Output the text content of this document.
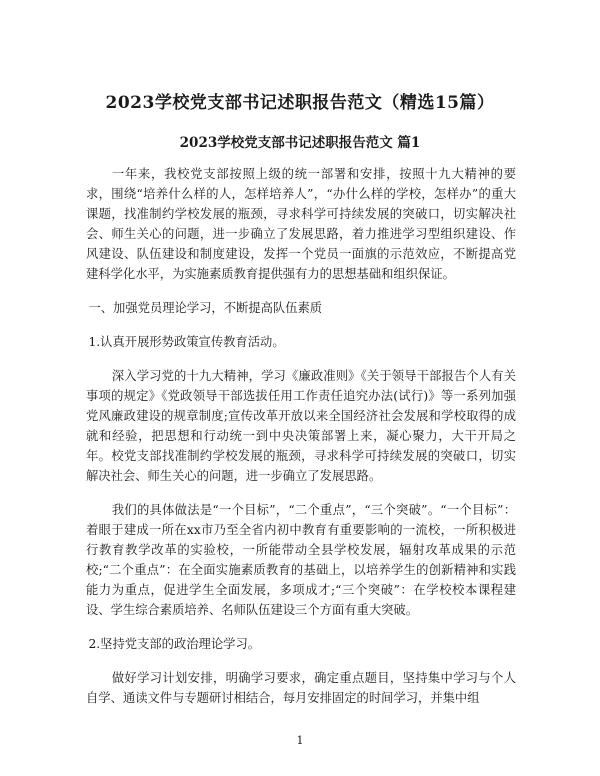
2023学校党支部书记述职报告范文（精选15篇）
2023学校党支部书记述职报告范文 篇1

一年来，我校党支部按照上级的统一部署和安排，按照十九大精神的要求，围绕“培养什么样的人，怎样培养人”，“办什么样的学校，怎样办”的重大课题，找准制约学校发展的瓶颈，寻求科学可持续发展的突破口，切实解决社会、师生关心的问题，进一步确立了发展思路，着力推进学习型组织建设、作风建设、队伍建设和制度建设，发挥一个党员一面旗的示范效应，不断提高党建科学化水平，为实施素质教育提供强有力的思想基础和组织保证。

一、加强党员理论学习，不断提高队伍素质

1.认真开展形势政策宣传教育活动。

深入学习党的十九大精神，学习《廉政准则》《关于领导干部报告个人有关事项的规定》《党政领导干部选拔任用工作责任追究办法(试行)》等一系列加强党风廉政建设的规章制度;宣传改革开放以来全国经济社会发展和学校取得的成就和经验，把思想和行动统一到中央决策部署上来，凝心聚力，大干开局之年。校党支部找准制约学校发展的瓶颈，寻求科学可持续发展的突破口，切实解决社会、师生关心的问题，进一步确立了发展思路。

我们的具体做法是“一个目标”，“二个重点”，“三个突破”。“一个目标”：着眼于建成一所在xx市乃至全省内初中教育有重要影响的一流校，一所积极进行教育教学改革的实验校，一所能带动全县学校发展，辐射攻革成果的示范校;“二个重点”：在全面实施素质教育的基础上，以培养学生的创新精神和实践能力为重点，促进学生全面发展，多项成才;“三个突破”：在学校校本课程建设、学生综合素质培养、名师队伍建设三个方面有重大突破。

2.坚持党支部的政治理论学习。

做好学习计划安排，明确学习要求，确定重点题目，坚持集中学习与个人自学、通读文件与专题研讨相结合，每月安排固定的时间学习，并集中组

1
